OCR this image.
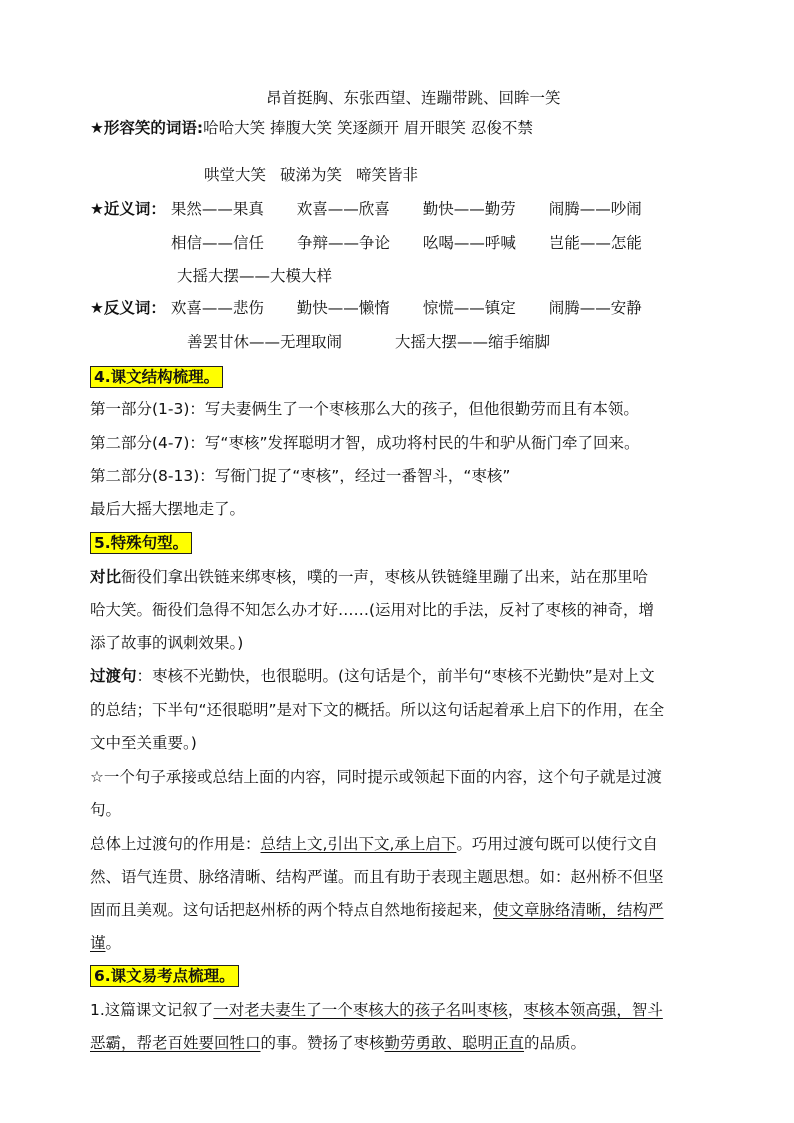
昂首挺胸、东张西望、连蹦带跳、回眸一笑
★形容笑的词语:哈哈大笑 捧腹大笑 笑逐颜开 眉开眼笑 忍俊不禁
哄堂大笑 破涕为笑 啼笑皆非
★近义词： 果然——果真 欢喜——欣喜 勤快——勤劳 闹腾——吵闹
相信——信任 争辩——争论 吆喝——呼喊 岂能——怎能
大摇大摆——大模大样
★反义词： 欢喜——悲伤 勤快——懒惰 惊慌——镇定 闹腾——安静
善罢甘休——无理取闹	大摇大摆——缩手缩脚
4.课文结构梳理。
第一部分(1-3)：写夫妻俩生了一个枣核那么大的孩子，但他很勤劳而且有本领。
第二部分(4-7)：写“枣核”发挥聪明才智，成功将村民的牛和驴从衙门牵了回来。
第二部分(8-13)：写衙门捉了“枣核”，经过一番智斗，“枣核”
最后大摇大摆地走了。
5.特殊句型。
对比衙役们拿出铁链来绑枣核，噗的一声，枣核从铁链缝里蹦了出来，站在那里哈
哈大笑。衙役们急得不知怎么办才好……(运用对比的手法，反衬了枣核的神奇，增
添了故事的讽刺效果。)
过渡句：枣核不光勤快，也很聪明。(这句话是个，前半句“枣核不光勤快”是对上文
的总结；下半句“还很聪明”是对下文的概括。所以这句话起着承上启下的作用，在全
文中至关重要。)
☆一个句子承接或总结上面的内容，同时提示或领起下面的内容，这个句子就是过渡
句。
总体上过渡句的作用是：总结上文,引出下文,承上启下。巧用过渡句既可以使行文自
然、语气连贯、脉络清晰、结构严谨。而且有助于表现主题思想。如：赵州桥不但坚
固而且美观。这句话把赵州桥的两个特点自然地衔接起来，使文章脉络清晰，结构严
谨。
6.课文易考点梳理。
1.这篇课文记叙了一对老夫妻生了一个枣核大的孩子名叫枣核，枣核本领高强，智斗
恶霸，帮老百姓要回牲口的事。赞扬了枣核勤劳勇敢、聪明正直的品质。
